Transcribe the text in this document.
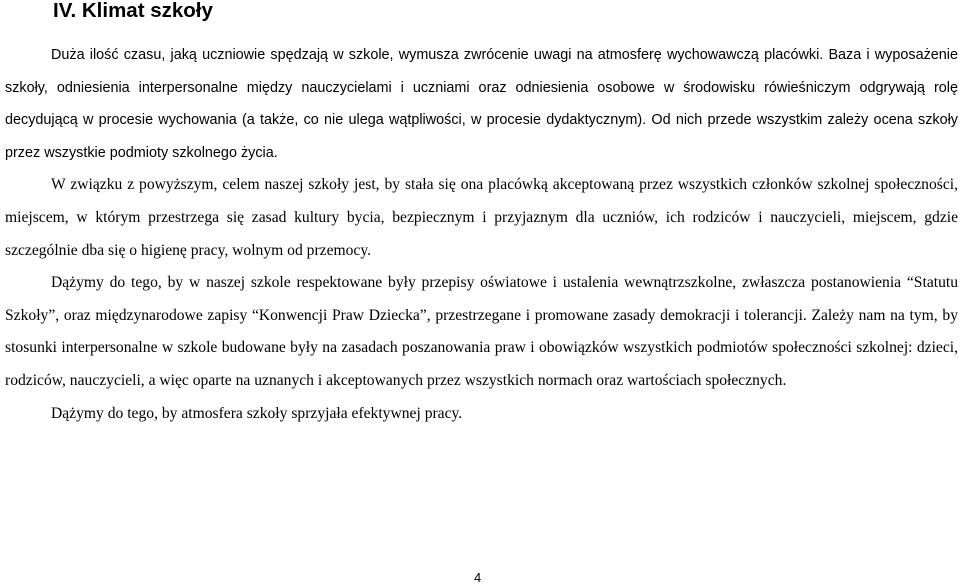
IV. Klimat szkoły

Duża ilość czasu, jaką uczniowie spędzają w szkole, wymusza zwrócenie uwagi na atmosferę wychowawczą placówki. Baza i wyposażenie szkoły, odniesienia interpersonalne między nauczycielami i uczniami oraz odniesienia osobowe w środowisku rówieśniczym odgrywają rolę decydującą w procesie wychowania (a także, co nie ulega wątpliwości, w procesie dydaktycznym). Od nich przede wszystkim zależy ocena szkoły przez wszystkie podmioty szkolnego życia.

W związku z powyższym, celem naszej szkoły jest, by stała się ona placówką akceptowaną przez wszystkich członków szkolnej społeczności, miejscem, w którym przestrzega się zasad kultury bycia, bezpiecznym i przyjaznym dla uczniów, ich rodziców i nauczycieli, miejscem, gdzie szczególnie dba się o higienę pracy, wolnym od przemocy.

Dążymy do tego, by w naszej szkole respektowane były przepisy oświatowe i ustalenia wewnątrzszkolne, zwłaszcza postanowienia “Statutu Szkoły”, oraz międzynarodowe zapisy “Konwencji Praw Dziecka”, przestrzegane i promowane zasady demokracji i tolerancji. Zależy nam na tym, by stosunki interpersonalne w szkole budowane były na zasadach poszanowania praw i obowiązków wszystkich podmiotów społeczności szkolnej: dzieci, rodziców, nauczycieli, a więc oparte na uznanych i akceptowanych przez wszystkich normach oraz wartościach społecznych.

Dążymy do tego, by atmosfera szkoły sprzyjała efektywnej pracy.

4
